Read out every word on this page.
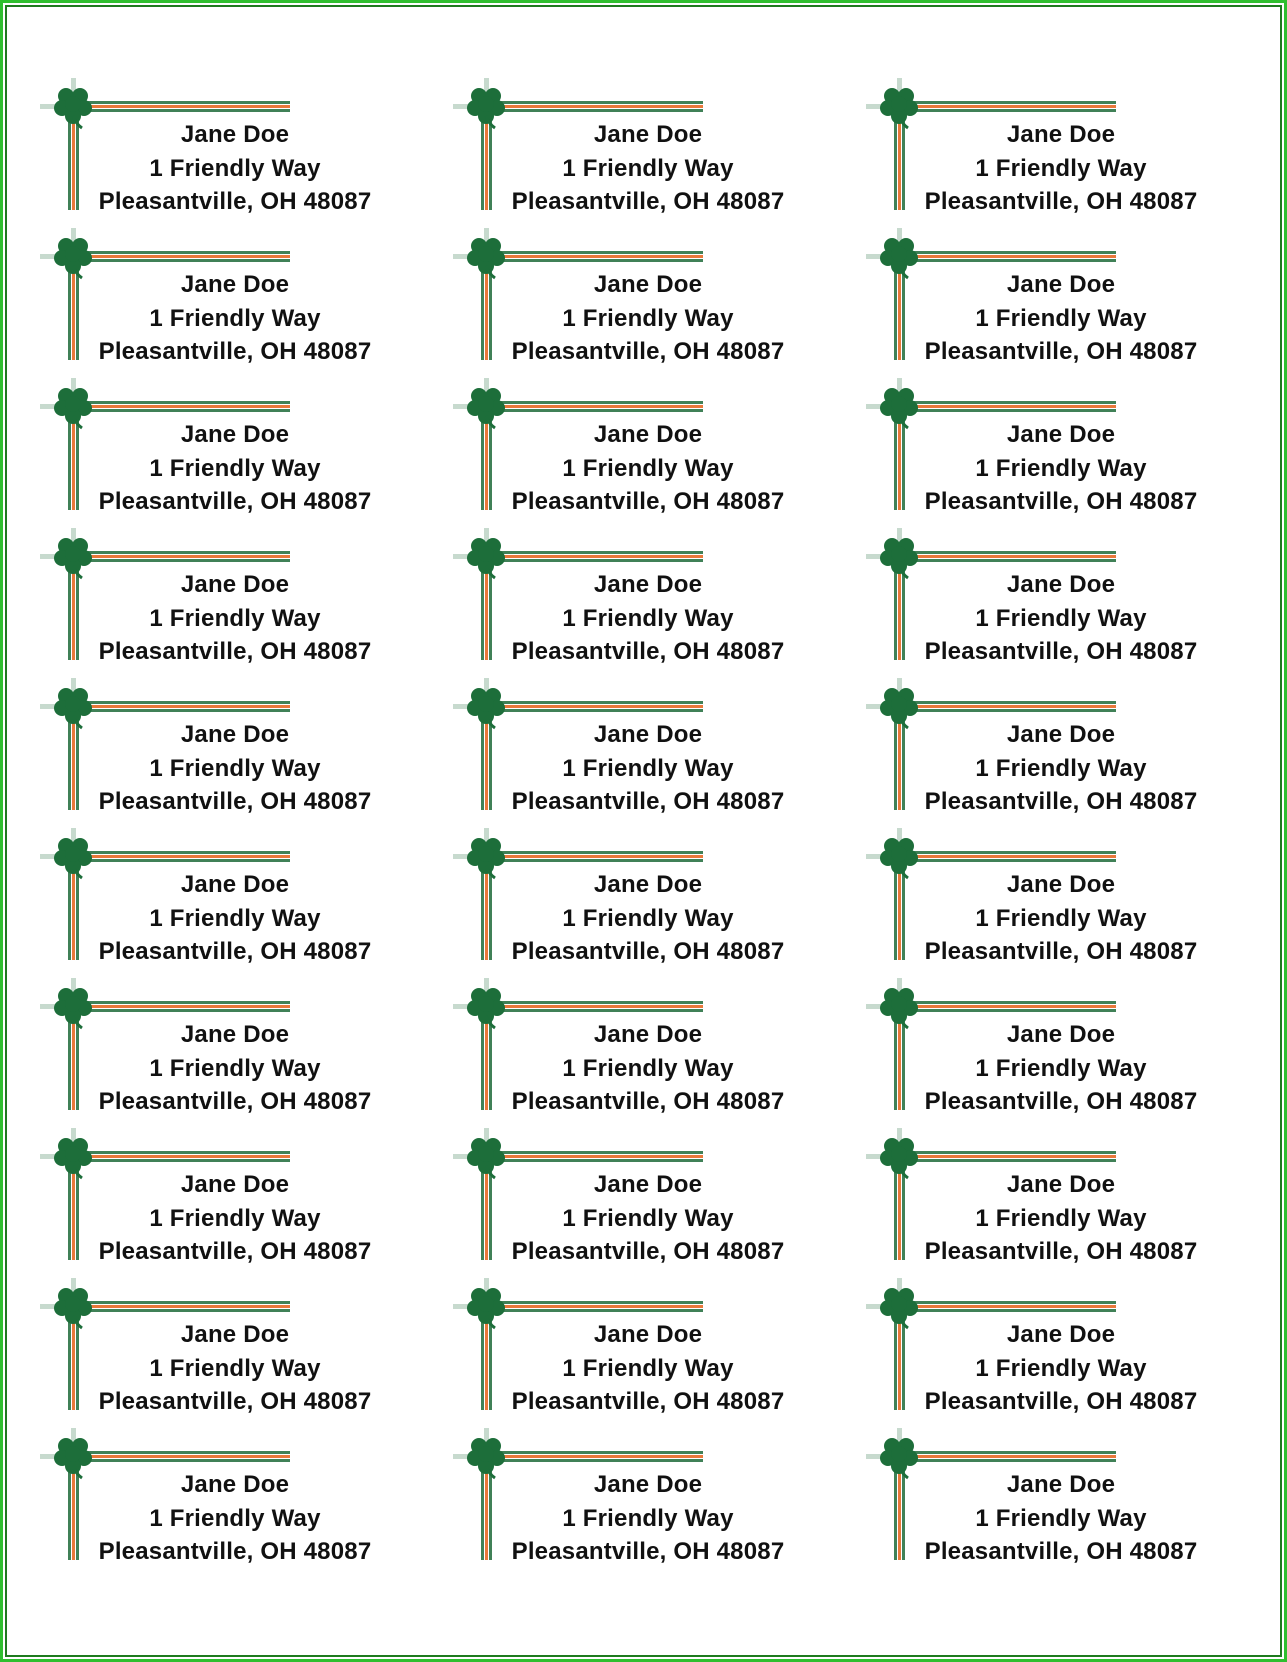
Jane Doe
1 Friendly Way
Pleasantville, OH 48087
Jane Doe
1 Friendly Way
Pleasantville, OH 48087
Jane Doe
1 Friendly Way
Pleasantville, OH 48087
Jane Doe
1 Friendly Way
Pleasantville, OH 48087
Jane Doe
1 Friendly Way
Pleasantville, OH 48087
Jane Doe
1 Friendly Way
Pleasantville, OH 48087
Jane Doe
1 Friendly Way
Pleasantville, OH 48087
Jane Doe
1 Friendly Way
Pleasantville, OH 48087
Jane Doe
1 Friendly Way
Pleasantville, OH 48087
Jane Doe
1 Friendly Way
Pleasantville, OH 48087
Jane Doe
1 Friendly Way
Pleasantville, OH 48087
Jane Doe
1 Friendly Way
Pleasantville, OH 48087
Jane Doe
1 Friendly Way
Pleasantville, OH 48087
Jane Doe
1 Friendly Way
Pleasantville, OH 48087
Jane Doe
1 Friendly Way
Pleasantville, OH 48087
Jane Doe
1 Friendly Way
Pleasantville, OH 48087
Jane Doe
1 Friendly Way
Pleasantville, OH 48087
Jane Doe
1 Friendly Way
Pleasantville, OH 48087
Jane Doe
1 Friendly Way
Pleasantville, OH 48087
Jane Doe
1 Friendly Way
Pleasantville, OH 48087
Jane Doe
1 Friendly Way
Pleasantville, OH 48087
Jane Doe
1 Friendly Way
Pleasantville, OH 48087
Jane Doe
1 Friendly Way
Pleasantville, OH 48087
Jane Doe
1 Friendly Way
Pleasantville, OH 48087
Jane Doe
1 Friendly Way
Pleasantville, OH 48087
Jane Doe
1 Friendly Way
Pleasantville, OH 48087
Jane Doe
1 Friendly Way
Pleasantville, OH 48087
Jane Doe
1 Friendly Way
Pleasantville, OH 48087
Jane Doe
1 Friendly Way
Pleasantville, OH 48087
Jane Doe
1 Friendly Way
Pleasantville, OH 48087
